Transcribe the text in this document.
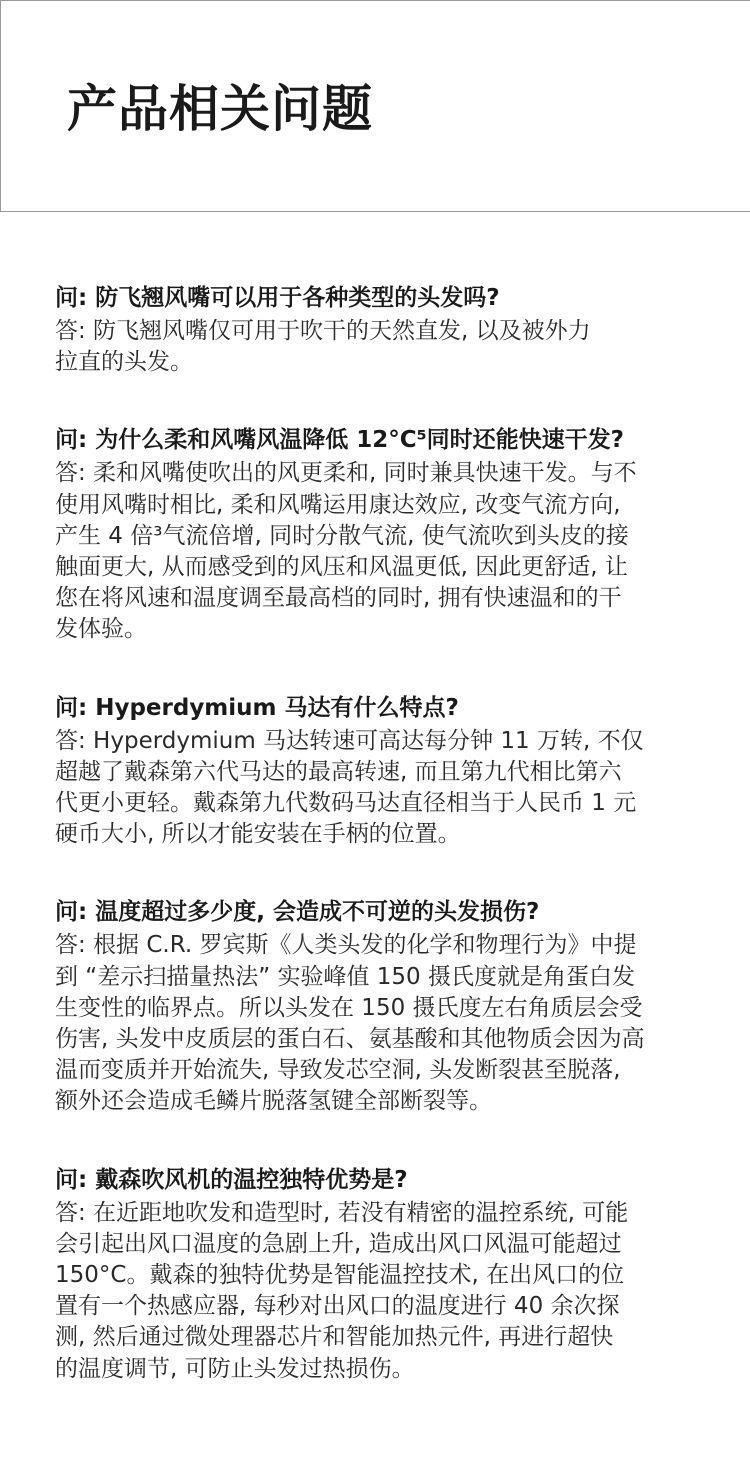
产品相关问题
问: 防飞翘风嘴可以用于各种类型的头发吗?
答: 防飞翘风嘴仅可用于吹干的天然直发, 以及被外力
拉直的头发。
问: 为什么柔和风嘴风温降低 12°C⁵同时还能快速干发?
答: 柔和风嘴使吹出的风更柔和, 同时兼具快速干发。与不
使用风嘴时相比, 柔和风嘴运用康达效应, 改变气流方向,
产生 4 倍³气流倍增, 同时分散气流, 使气流吹到头皮的接
触面更大, 从而感受到的风压和风温更低, 因此更舒适, 让
您在将风速和温度调至最高档的同时, 拥有快速温和的干
发体验。
问: Hyperdymium 马达有什么特点?
答: Hyperdymium 马达转速可高达每分钟 11 万转, 不仅
超越了戴森第六代马达的最高转速, 而且第九代相比第六
代更小更轻。戴森第九代数码马达直径相当于人民币 1 元
硬币大小, 所以才能安装在手柄的位置。
问: 温度超过多少度, 会造成不可逆的头发损伤?
答: 根据 C.R. 罗宾斯《人类头发的化学和物理行为》中提
到 “差示扫描量热法” 实验峰值 150 摄氏度就是角蛋白发
生变性的临界点。所以头发在 150 摄氏度左右角质层会受
伤害, 头发中皮质层的蛋白石、氨基酸和其他物质会因为高
温而变质并开始流失, 导致发芯空洞, 头发断裂甚至脱落,
额外还会造成毛鳞片脱落氢键全部断裂等。
问: 戴森吹风机的温控独特优势是?
答: 在近距地吹发和造型时, 若没有精密的温控系统, 可能
会引起出风口温度的急剧上升, 造成出风口风温可能超过
150°C。戴森的独特优势是智能温控技术, 在出风口的位
置有一个热感应器, 每秒对出风口的温度进行 40 余次探
测, 然后通过微处理器芯片和智能加热元件, 再进行超快
的温度调节, 可防止头发过热损伤。
